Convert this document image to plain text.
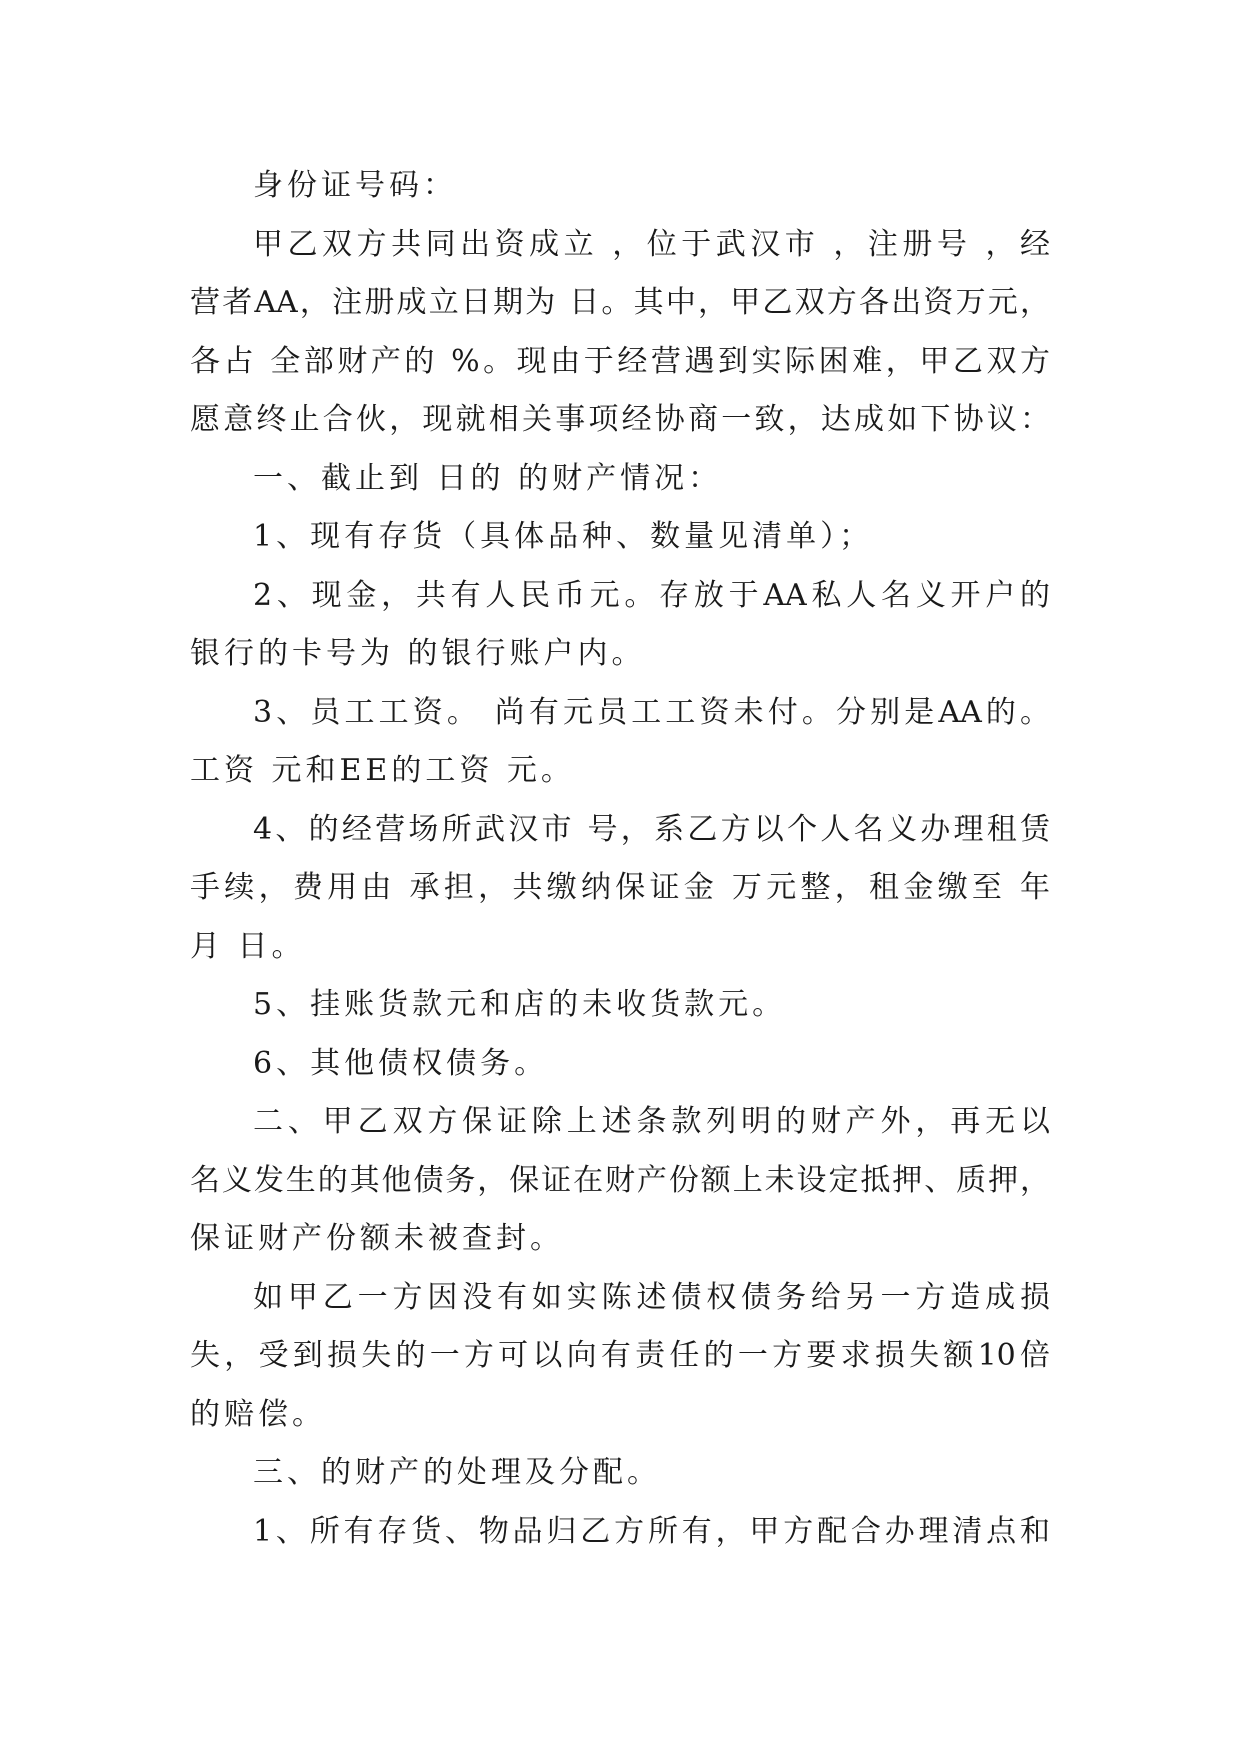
身份证号码：
甲乙双方共同出资成立 ，位于武汉市 ，注册号 ，经
营者AA，注册成立日期为 日。其中，甲乙双方各出资万元，
各占 全部财产的 %。现由于经营遇到实际困难，甲乙双方
愿意终止合伙，现就相关事项经协商一致，达成如下协议：
一、截止到 日的 的财产情况：
1、现有存货（具体品种、数量见清单）；
2、现金，共有人民币元。存放于AA私人名义开户的
银行的卡号为 的银行账户内。
3、员工工资。 尚有元员工工资未付。分别是AA的。
工资 元和EE的工资 元。
4、的经营场所武汉市 号，系乙方以个人名义办理租赁
手续，费用由 承担，共缴纳保证金 万元整，租金缴至 年
月 日。
5、挂账货款元和店的未收货款元。
6、其他债权债务。
二、甲乙双方保证除上述条款列明的财产外，再无以
名义发生的其他债务，保证在财产份额上未设定抵押、质押，
保证财产份额未被查封。
如甲乙一方因没有如实陈述债权债务给另一方造成损
失，受到损失的一方可以向有责任的一方要求损失额10倍
的赔偿。
三、的财产的处理及分配。
1、所有存货、物品归乙方所有，甲方配合办理清点和
